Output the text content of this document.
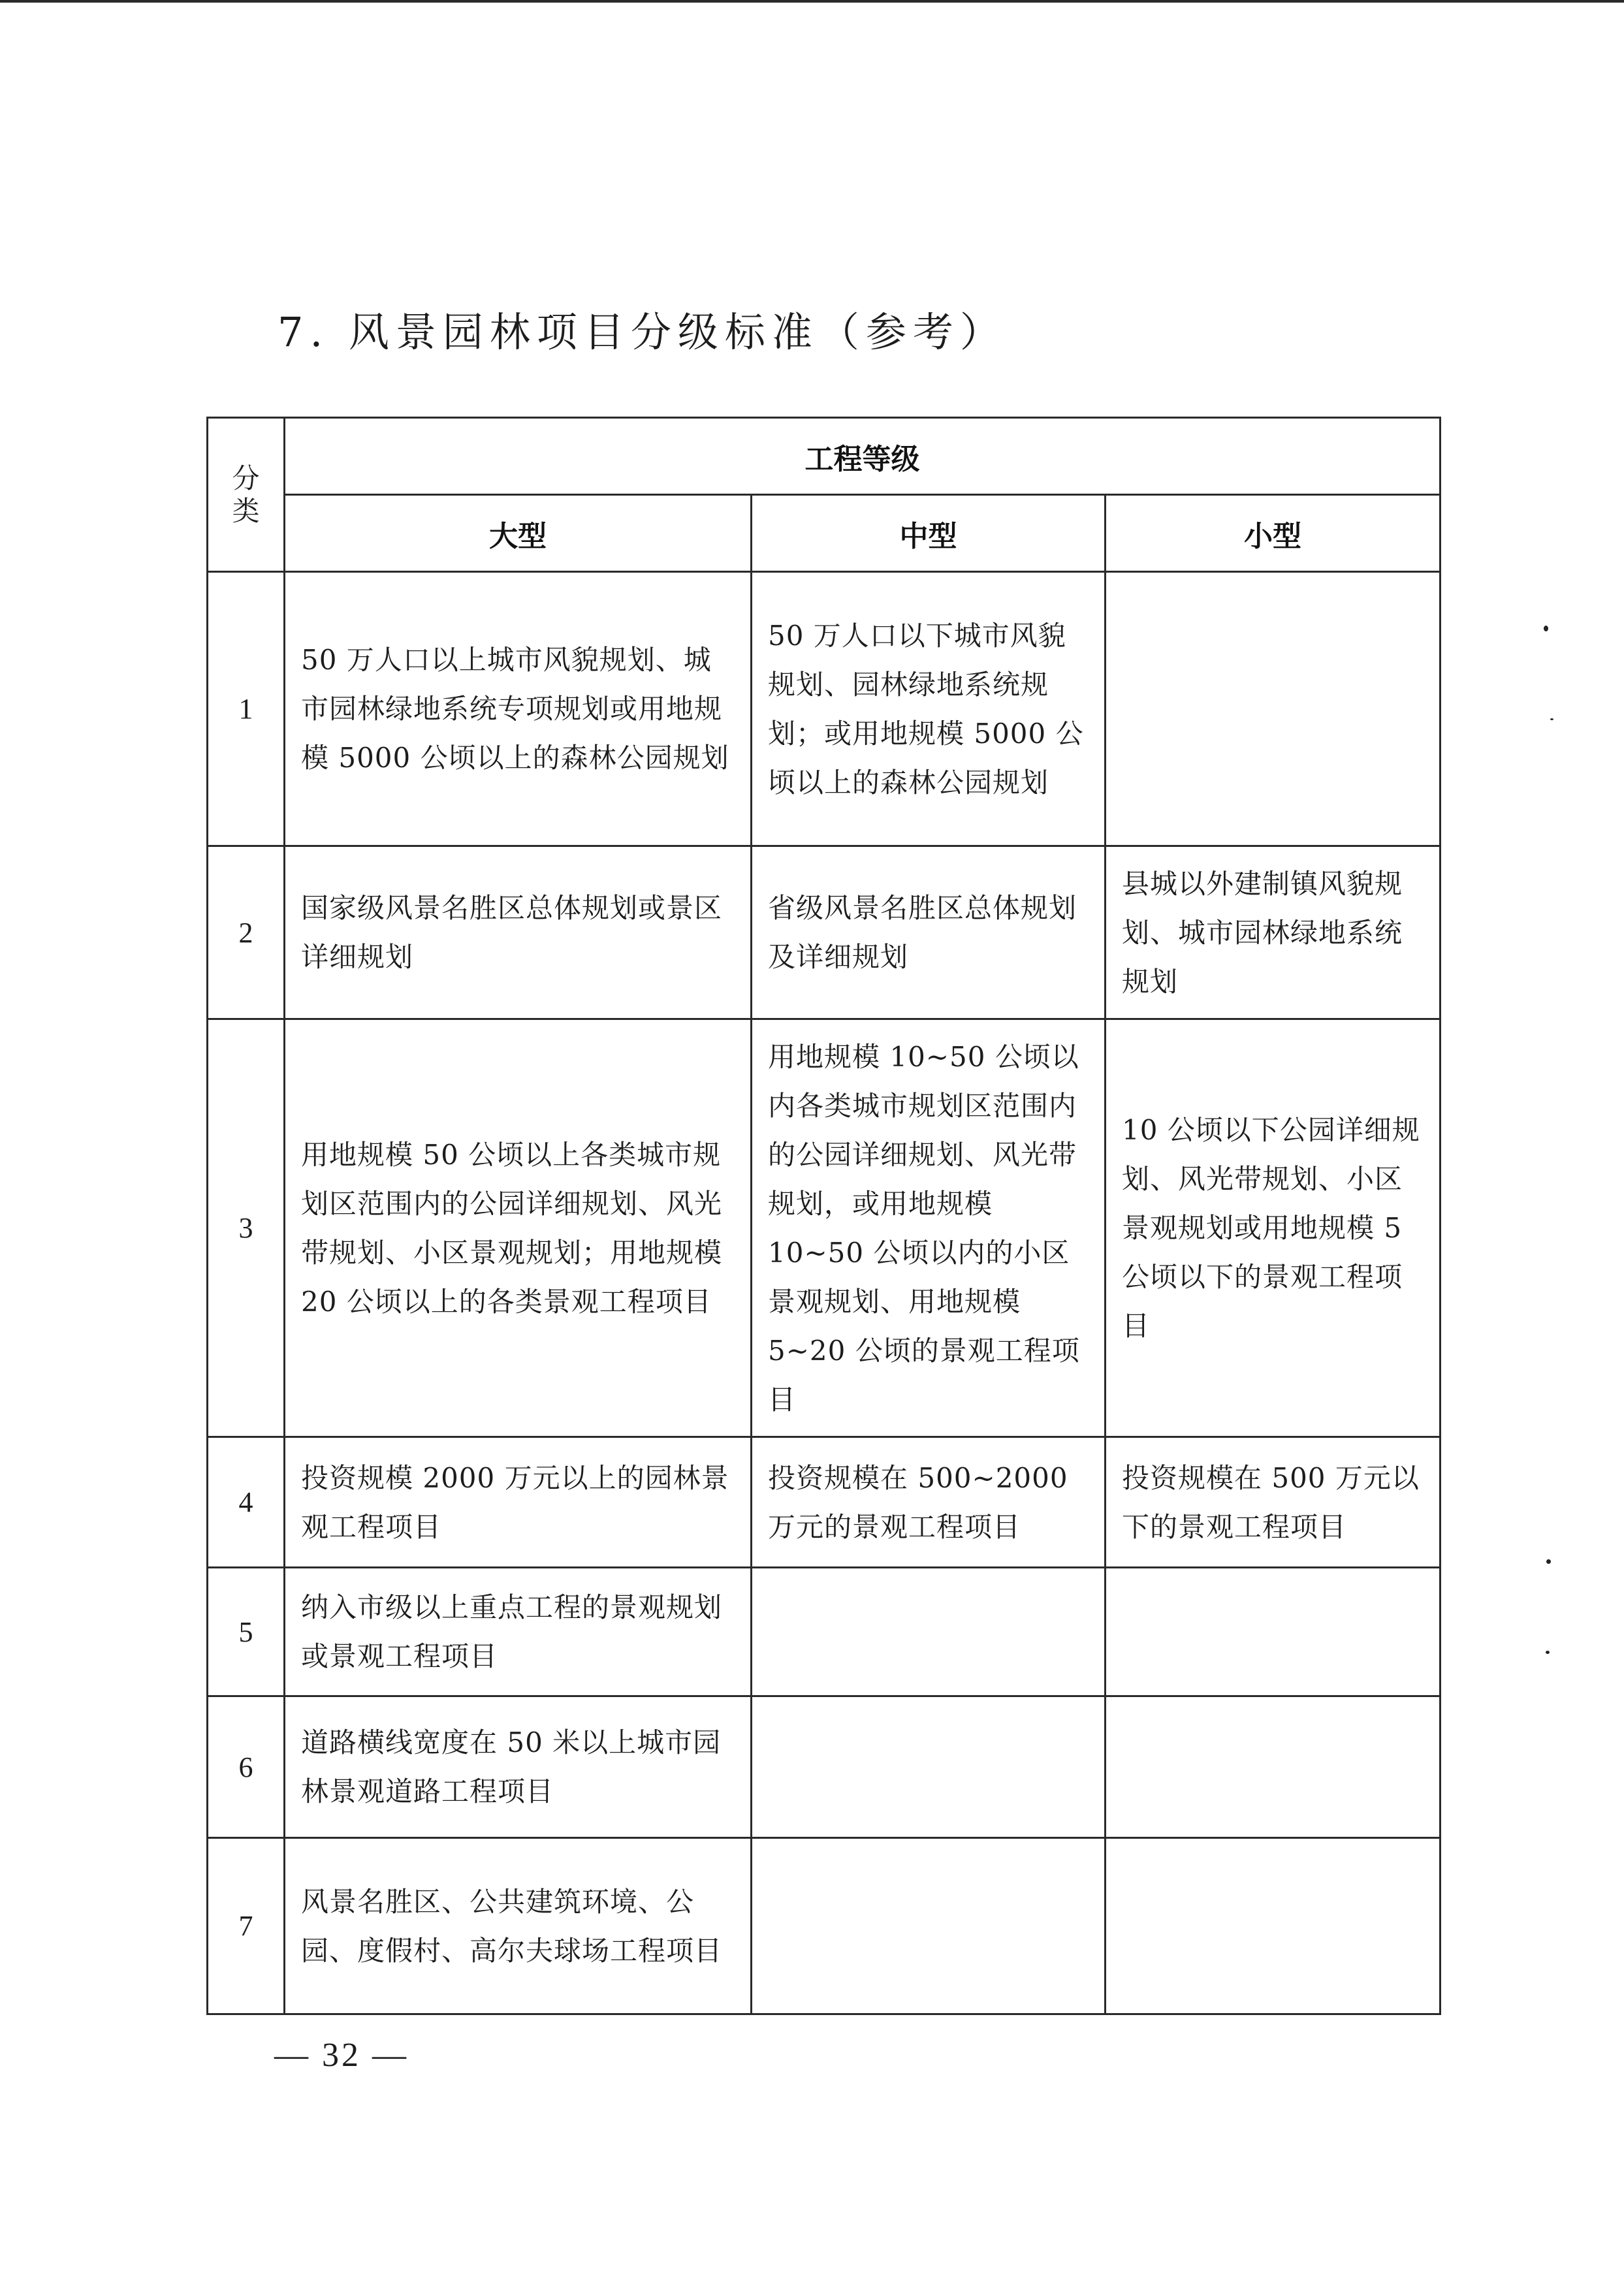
7. 风景园林项目分级标准（参考）
分类	工程等级		
	大型	中型	小型
1	50 万人口以上城市风貌规划、城市园林绿地系统专项规划或用地规模 5000 公顷以上的森林公园规划	50 万人口以下城市风貌规划、园林绿地系统规划；或用地规模 5000 公顷以上的森林公园规划	
2	国家级风景名胜区总体规划或景区详细规划	省级风景名胜区总体规划及详细规划	县城以外建制镇风貌规划、城市园林绿地系统规划
3	用地规模 50 公顷以上各类城市规划区范围内的公园详细规划、风光带规划、小区景观规划；用地规模 20 公顷以上的各类景观工程项目	用地规模 10~50 公顷以内各类城市规划区范围内的公园详细规划、风光带规划，或用地规模 10~50 公顷以内的小区景观规划、用地规模 5~20 公顷的景观工程项目	10 公顷以下公园详细规划、风光带规划、小区景观规划或用地规模 5 公顷以下的景观工程项目
4	投资规模 2000 万元以上的园林景观工程项目	投资规模在 500~2000 万元的景观工程项目	投资规模在 500 万元以下的景观工程项目
5	纳入市级以上重点工程的景观规划或景观工程项目		
6	道路横线宽度在 50 米以上城市园林景观道路工程项目		
7	风景名胜区、公共建筑环境、公园、度假村、高尔夫球场工程项目		
— 32 —
